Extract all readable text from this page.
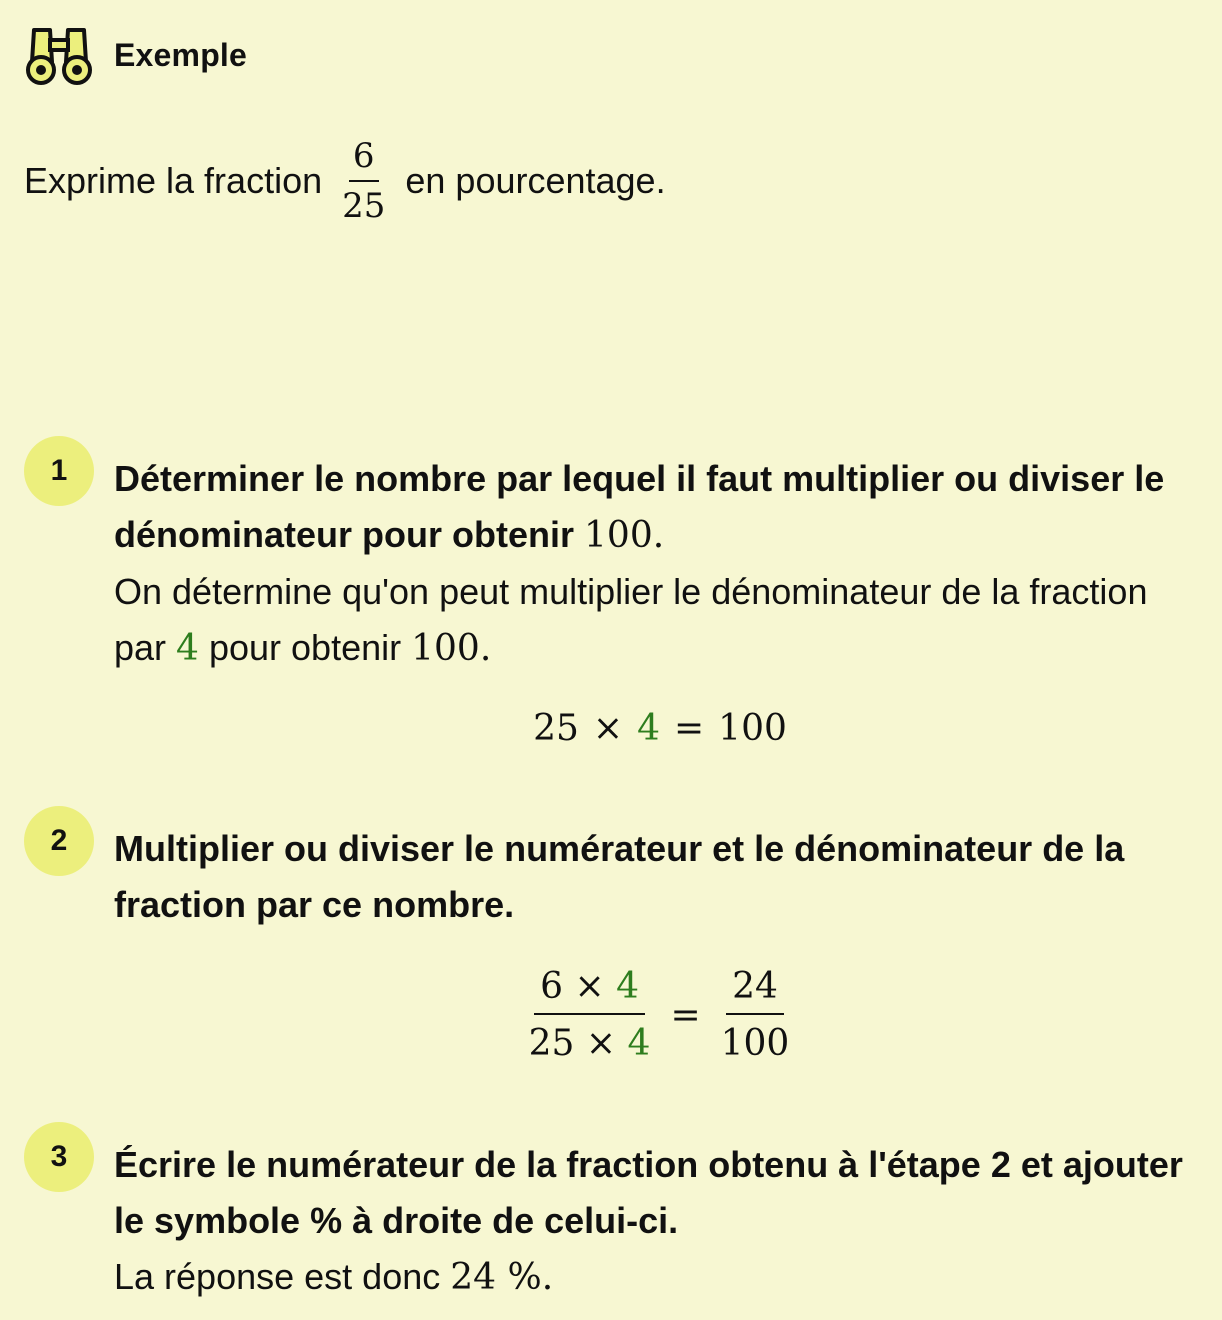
Exemple
Exprime la fraction $\frac{6}{25}$ en pourcentage.
1	Déterminer le nombre par lequel il faut multiplier ou diviser le dénominateur pour obtenir 100.
On détermine qu'on peut multiplier le dénominateur de la fraction par 4 pour obtenir 100.
25 × 4 = 100
2	Multiplier ou diviser le numérateur et le dénominateur de la fraction par ce nombre.
$\frac{6 \times 4}{25 \times 4} = \frac{24}{100}$
3	Écrire le numérateur de la fraction obtenu à l'étape 2 et ajouter le symbole % à droite de celui-ci.
La réponse est donc 24 %.
